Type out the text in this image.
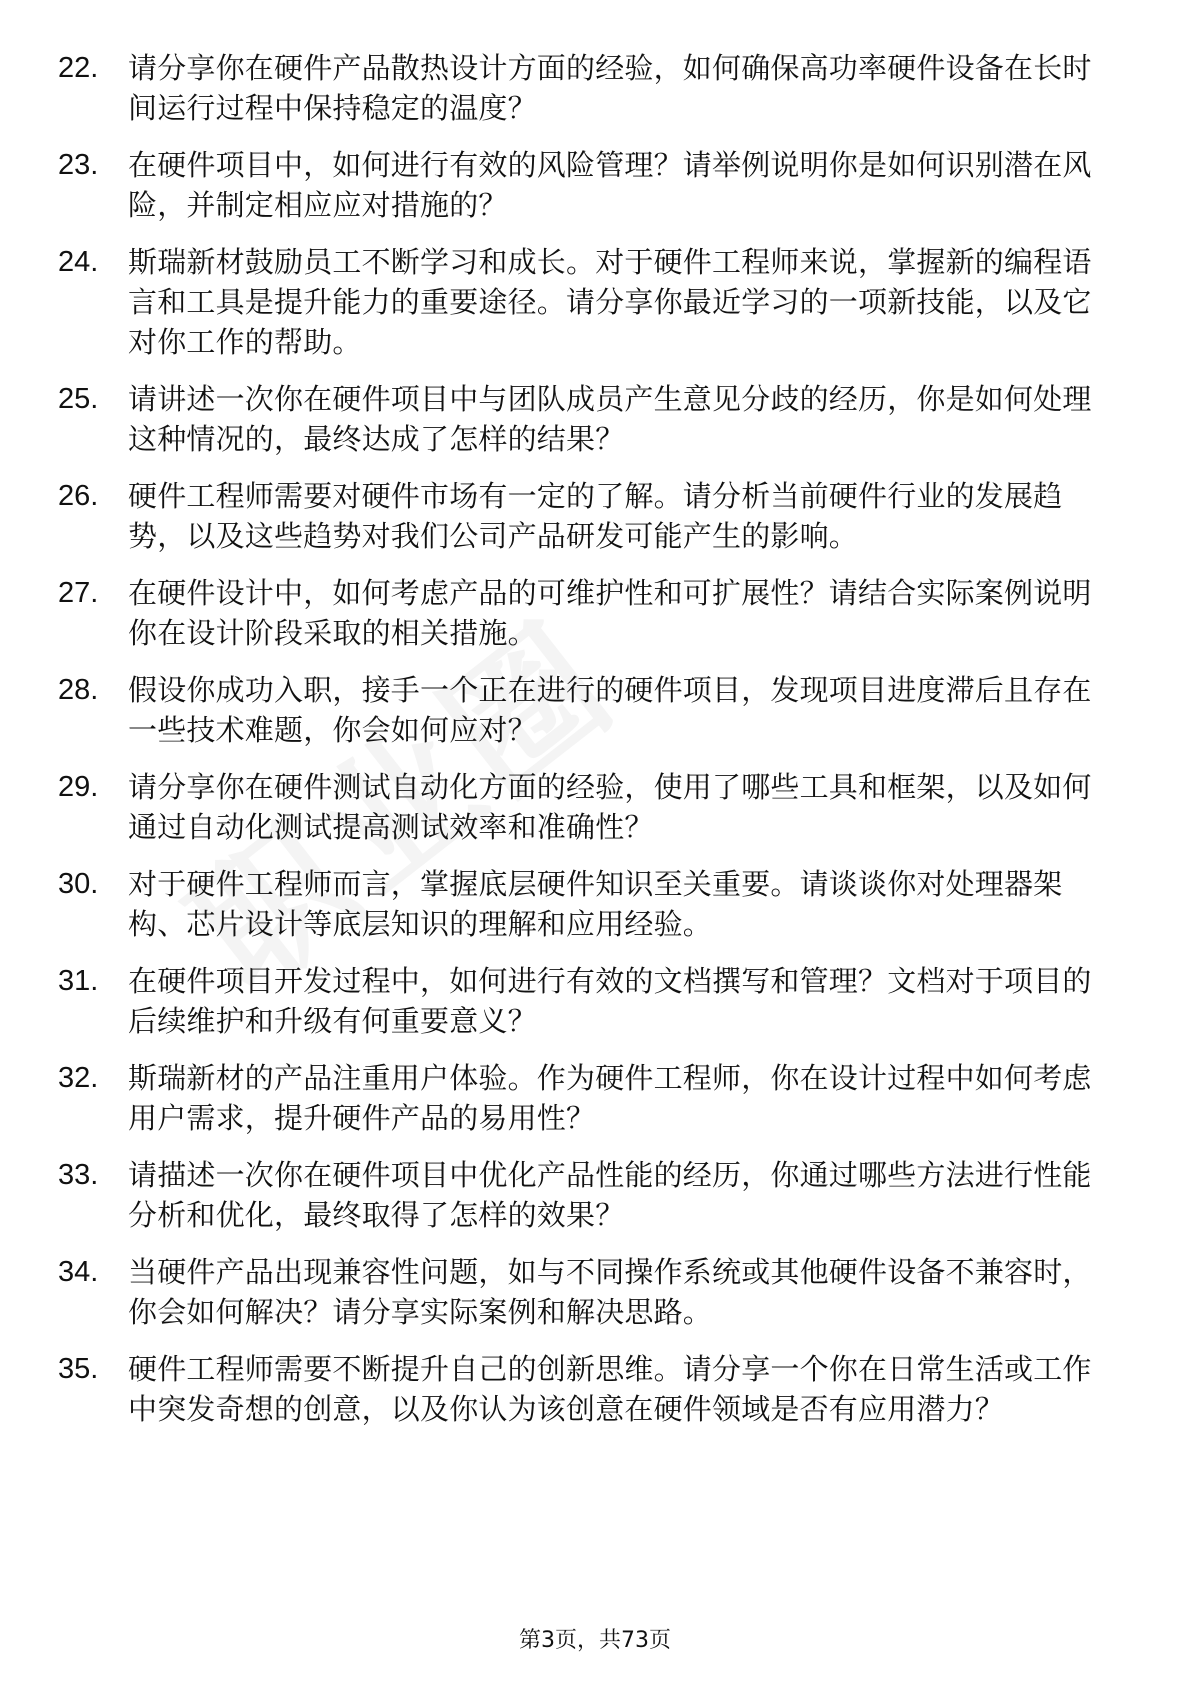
22.	请分享你在硬件产品散热设计方面的经验，如何确保高功率硬件设备在长时间运行过程中保持稳定的温度？
23.	在硬件项目中，如何进行有效的风险管理？请举例说明你是如何识别潜在风险，并制定相应应对措施的？
24.	斯瑞新材鼓励员工不断学习和成长。对于硬件工程师来说，掌握新的编程语言和工具是提升能力的重要途径。请分享你最近学习的一项新技能，以及它对你工作的帮助。
25.	请讲述一次你在硬件项目中与团队成员产生意见分歧的经历，你是如何处理这种情况的，最终达成了怎样的结果？
26.	硬件工程师需要对硬件市场有一定的了解。请分析当前硬件行业的发展趋势，以及这些趋势对我们公司产品研发可能产生的影响。
27.	在硬件设计中，如何考虑产品的可维护性和可扩展性？请结合实际案例说明你在设计阶段采取的相关措施。
28.	假设你成功入职，接手一个正在进行的硬件项目，发现项目进度滞后且存在一些技术难题，你会如何应对？
29.	请分享你在硬件测试自动化方面的经验，使用了哪些工具和框架，以及如何通过自动化测试提高测试效率和准确性？
30.	对于硬件工程师而言，掌握底层硬件知识至关重要。请谈谈你对处理器架构、芯片设计等底层知识的理解和应用经验。
31.	在硬件项目开发过程中，如何进行有效的文档撰写和管理？文档对于项目的后续维护和升级有何重要意义？
32.	斯瑞新材的产品注重用户体验。作为硬件工程师，你在设计过程中如何考虑用户需求，提升硬件产品的易用性？
33.	请描述一次你在硬件项目中优化产品性能的经历，你通过哪些方法进行性能分析和优化，最终取得了怎样的效果？
34.	当硬件产品出现兼容性问题，如与不同操作系统或其他硬件设备不兼容时，你会如何解决？请分享实际案例和解决思路。
35.	硬件工程师需要不断提升自己的创新思维。请分享一个你在日常生活或工作中突发奇想的创意，以及你认为该创意在硬件领域是否有应用潜力？
第3页，共73页
